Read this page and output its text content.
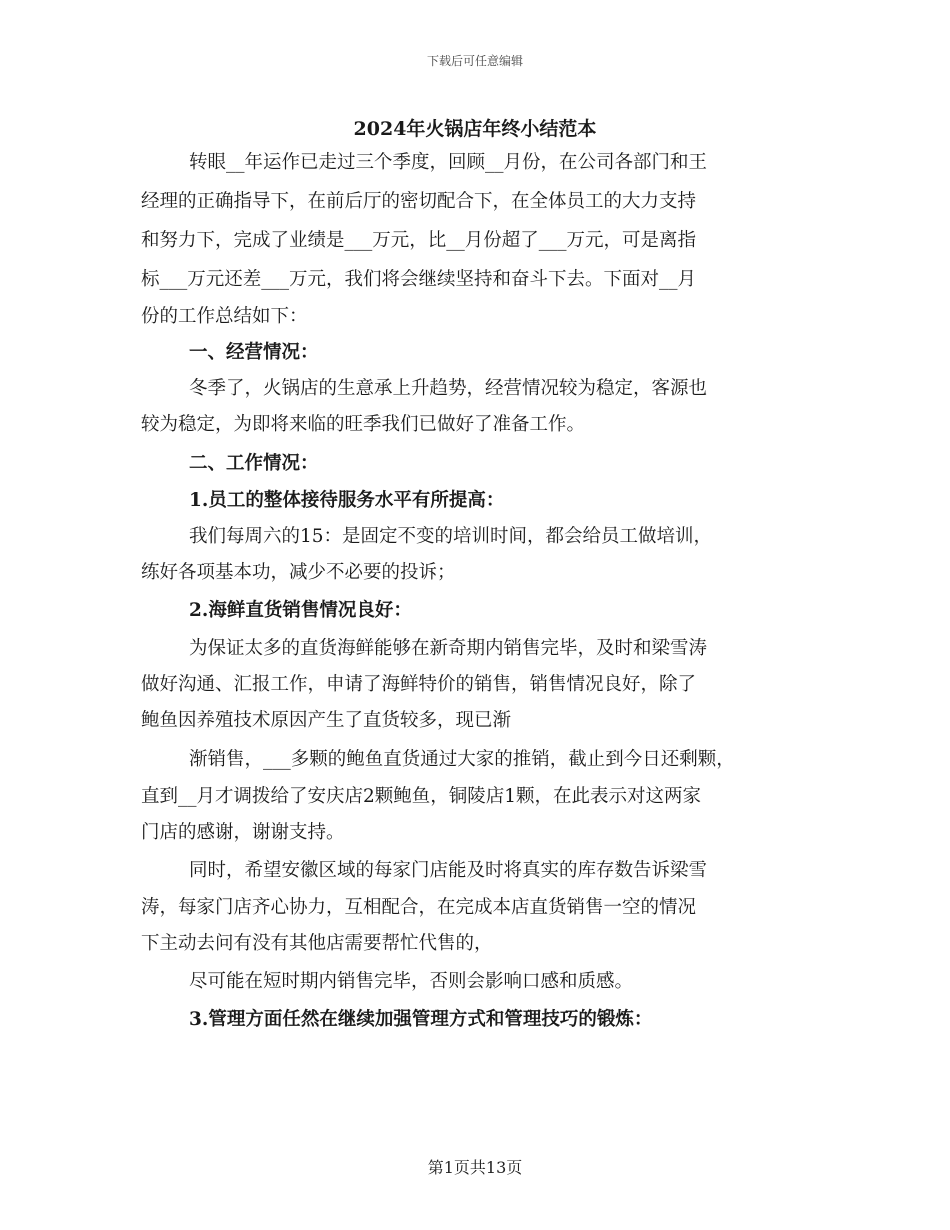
下载后可任意编辑
2024年火锅店年终小结范本
转眼__年运作已走过三个季度，回顾__月份，在公司各部门和王
经理的正确指导下，在前后厅的密切配合下，在全体员工的大力支持
和努力下，完成了业绩是___万元，比__月份超了___万元，可是离指
标___万元还差___万元，我们将会继续坚持和奋斗下去。下面对__月
份的工作总结如下：
一、经营情况：
冬季了，火锅店的生意承上升趋势，经营情况较为稳定，客源也
较为稳定，为即将来临的旺季我们已做好了准备工作。
二、工作情况：
1.员工的整体接待服务水平有所提高：
我们每周六的15：是固定不变的培训时间，都会给员工做培训，
练好各项基本功，减少不必要的投诉；
2.海鲜直货销售情况良好：
为保证太多的直货海鲜能够在新奇期内销售完毕，及时和梁雪涛
做好沟通、汇报工作，申请了海鲜特价的销售，销售情况良好，除了
鲍鱼因养殖技术原因产生了直货较多，现已渐
渐销售，___多颗的鲍鱼直货通过大家的推销，截止到今日还剩颗，
直到__月才调拨给了安庆店2颗鲍鱼，铜陵店1颗，在此表示对这两家
门店的感谢，谢谢支持。
同时，希望安徽区域的每家门店能及时将真实的库存数告诉梁雪
涛，每家门店齐心协力，互相配合，在完成本店直货销售一空的情况
下主动去问有没有其他店需要帮忙代售的，
尽可能在短时期内销售完毕，否则会影响口感和质感。
3.管理方面任然在继续加强管理方式和管理技巧的锻炼：
第1页共13页
